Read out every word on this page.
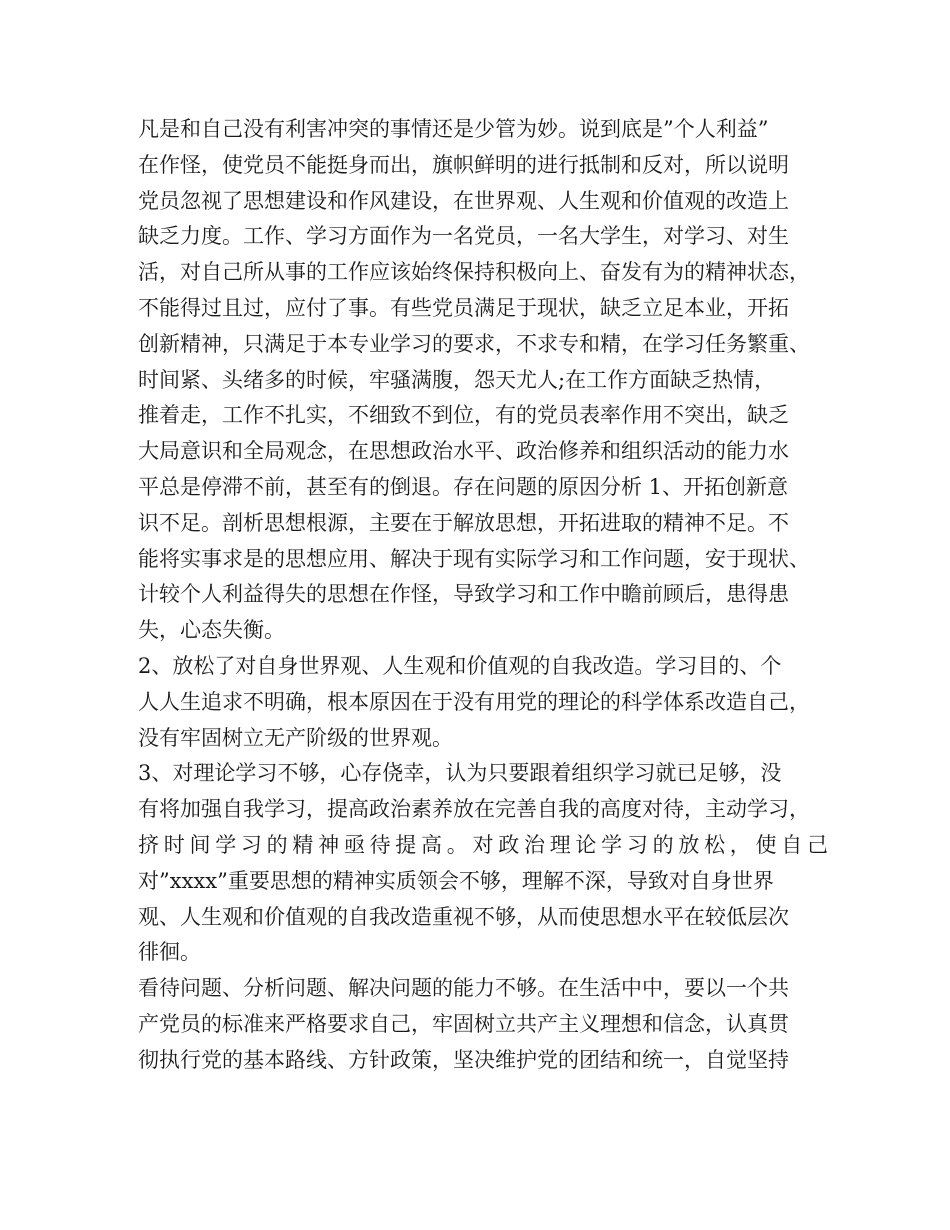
凡是和自己没有利害冲突的事情还是少管为妙。说到底是”个人利益”
在作怪，使党员不能挺身而出，旗帜鲜明的进行抵制和反对，所以说明
党员忽视了思想建设和作风建设，在世界观、人生观和价值观的改造上
缺乏力度。工作、学习方面作为一名党员，一名大学生，对学习、对生
活，对自己所从事的工作应该始终保持积极向上、奋发有为的精神状态，
不能得过且过，应付了事。有些党员满足于现状，缺乏立足本业，开拓
创新精神，只满足于本专业学习的要求，不求专和精，在学习任务繁重、
时间紧、头绪多的时候，牢骚满腹，怨天尤人;在工作方面缺乏热情，
推着走，工作不扎实，不细致不到位，有的党员表率作用不突出，缺乏
大局意识和全局观念，在思想政治水平、政治修养和组织活动的能力水
平总是停滞不前，甚至有的倒退。存在问题的原因分析 1、开拓创新意
识不足。剖析思想根源，主要在于解放思想，开拓进取的精神不足。不
能将实事求是的思想应用、解决于现有实际学习和工作问题，安于现状、
计较个人利益得失的思想在作怪，导致学习和工作中瞻前顾后，患得患
失，心态失衡。
2、放松了对自身世界观、人生观和价值观的自我改造。学习目的、个
人人生追求不明确，根本原因在于没有用党的理论的科学体系改造自己，
没有牢固树立无产阶级的世界观。
3、对理论学习不够，心存侥幸，认为只要跟着组织学习就已足够，没
有将加强自我学习，提高政治素养放在完善自我的高度对待，主动学习，
挤时间学习的精神亟待提高。对政治理论学习的放松，使自己
对”xxxx”重要思想的精神实质领会不够，理解不深，导致对自身世界
观、人生观和价值观的自我改造重视不够，从而使思想水平在较低层次
徘徊。
看待问题、分析问题、解决问题的能力不够。在生活中中，要以一个共
产党员的标准来严格要求自己，牢固树立共产主义理想和信念，认真贯
彻执行党的基本路线、方针政策，坚决维护党的团结和统一，自觉坚持
